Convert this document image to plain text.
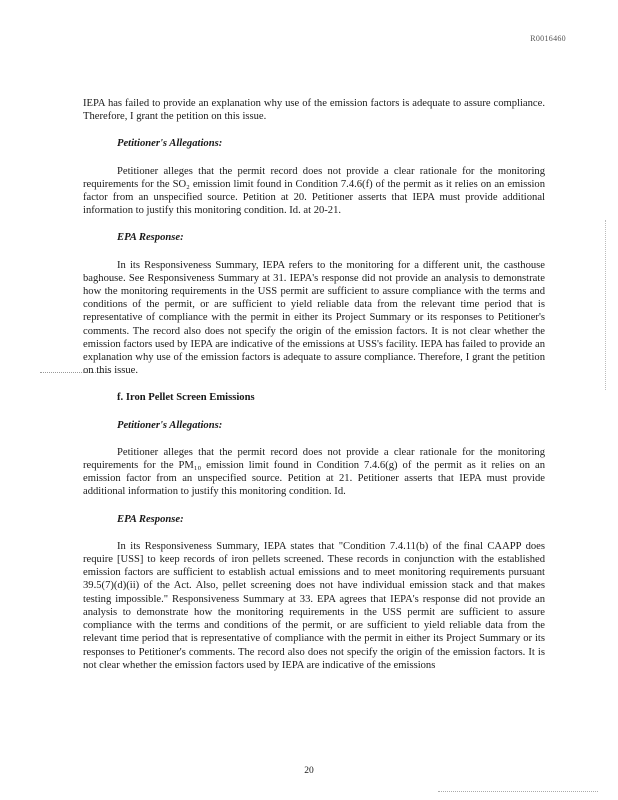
R0016460

IEPA has failed to provide an explanation why use of the emission factors is adequate to assure compliance. Therefore, I grant the petition on this issue.

Petitioner's Allegations:

Petitioner alleges that the permit record does not provide a clear rationale for the monitoring requirements for the SO₂ emission limit found in Condition 7.4.6(f) of the permit as it relies on an emission factor from an unspecified source. Petition at 20. Petitioner asserts that IEPA must provide additional information to justify this monitoring condition. Id. at 20-21.

EPA Response:

In its Responsiveness Summary, IEPA refers to the monitoring for a different unit, the casthouse baghouse. See Responsiveness Summary at 31. IEPA's response did not provide an analysis to demonstrate how the monitoring requirements in the USS permit are sufficient to assure compliance with the terms and conditions of the permit, or are sufficient to yield reliable data from the relevant time period that is representative of compliance with the permit in either its Project Summary or its responses to Petitioner's comments. The record also does not specify the origin of the emission factors. It is not clear whether the emission factors used by IEPA are indicative of the emissions at USS's facility. IEPA has failed to provide an explanation why use of the emission factors is adequate to assure compliance. Therefore, I grant the petition on this issue.

f. Iron Pellet Screen Emissions

Petitioner's Allegations:

Petitioner alleges that the permit record does not provide a clear rationale for the monitoring requirements for the PM₁₀ emission limit found in Condition 7.4.6(g) of the permit as it relies on an emission factor from an unspecified source. Petition at 21. Petitioner asserts that IEPA must provide additional information to justify this monitoring condition. Id.

EPA Response:

In its Responsiveness Summary, IEPA states that "Condition 7.4.11(b) of the final CAAPP does require [USS] to keep records of iron pellets screened. These records in conjunction with the established emission factors are sufficient to establish actual emissions and to meet monitoring requirements pursuant 39.5(7)(d)(ii) of the Act. Also, pellet screening does not have individual emission stack and that makes testing impossible." Responsiveness Summary at 33. EPA agrees that IEPA's response did not provide an analysis to demonstrate how the monitoring requirements in the USS permit are sufficient to assure compliance with the terms and conditions of the permit, or are sufficient to yield reliable data from the relevant time period that is representative of compliance with the permit in either its Project Summary or its responses to Petitioner's comments. The record also does not specify the origin of the emission factors. It is not clear whether the emission factors used by IEPA are indicative of the emissions

20
